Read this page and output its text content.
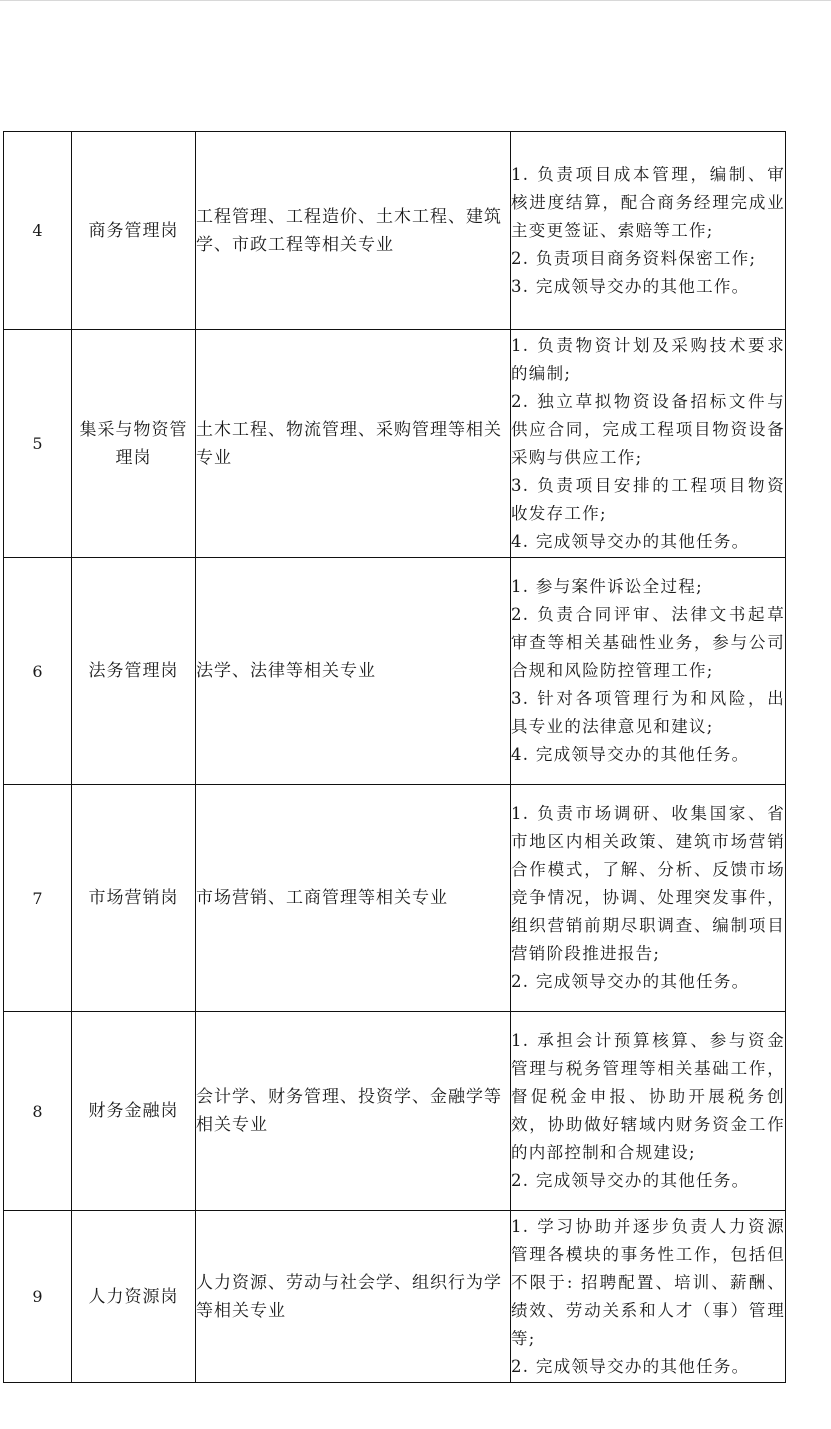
4	商务管理岗	工程管理、工程造价、土木工程、建筑学、市政工程等相关专业	1. 负责项目成本管理，编制、审核进度结算，配合商务经理完成业主变更签证、索赔等工作;
2. 负责项目商务资料保密工作;
3. 完成领导交办的其他工作。

5	集采与物资管理岗	土木工程、物流管理、采购管理等相关专业	1. 负责物资计划及采购技术要求的编制;
2. 独立草拟物资设备招标文件与供应合同，完成工程项目物资设备采购与供应工作;
3. 负责项目安排的工程项目物资收发存工作;
4. 完成领导交办的其他任务。

6	法务管理岗	法学、法律等相关专业	1. 参与案件诉讼全过程;
2. 负责合同评审、法律文书起草审查等相关基础性业务，参与公司合规和风险防控管理工作;
3. 针对各项管理行为和风险，出具专业的法律意见和建议;
4. 完成领导交办的其他任务。

7	市场营销岗	市场营销、工商管理等相关专业	1. 负责市场调研、收集国家、省市地区内相关政策、建筑市场营销合作模式，了解、分析、反馈市场竞争情况，协调、处理突发事件，组织营销前期尽职调查、编制项目营销阶段推进报告;
2. 完成领导交办的其他任务。

8	财务金融岗	会计学、财务管理、投资学、金融学等相关专业	1. 承担会计预算核算、参与资金管理与税务管理等相关基础工作，督促税金申报、协助开展税务创效，协助做好辖域内财务资金工作的内部控制和合规建设;
2. 完成领导交办的其他任务。

9	人力资源岗	人力资源、劳动与社会学、组织行为学等相关专业	1. 学习协助并逐步负责人力资源管理各模块的事务性工作，包括但不限于: 招聘配置、培训、薪酬、绩效、劳动关系和人才（事）管理等;
2. 完成领导交办的其他任务。
